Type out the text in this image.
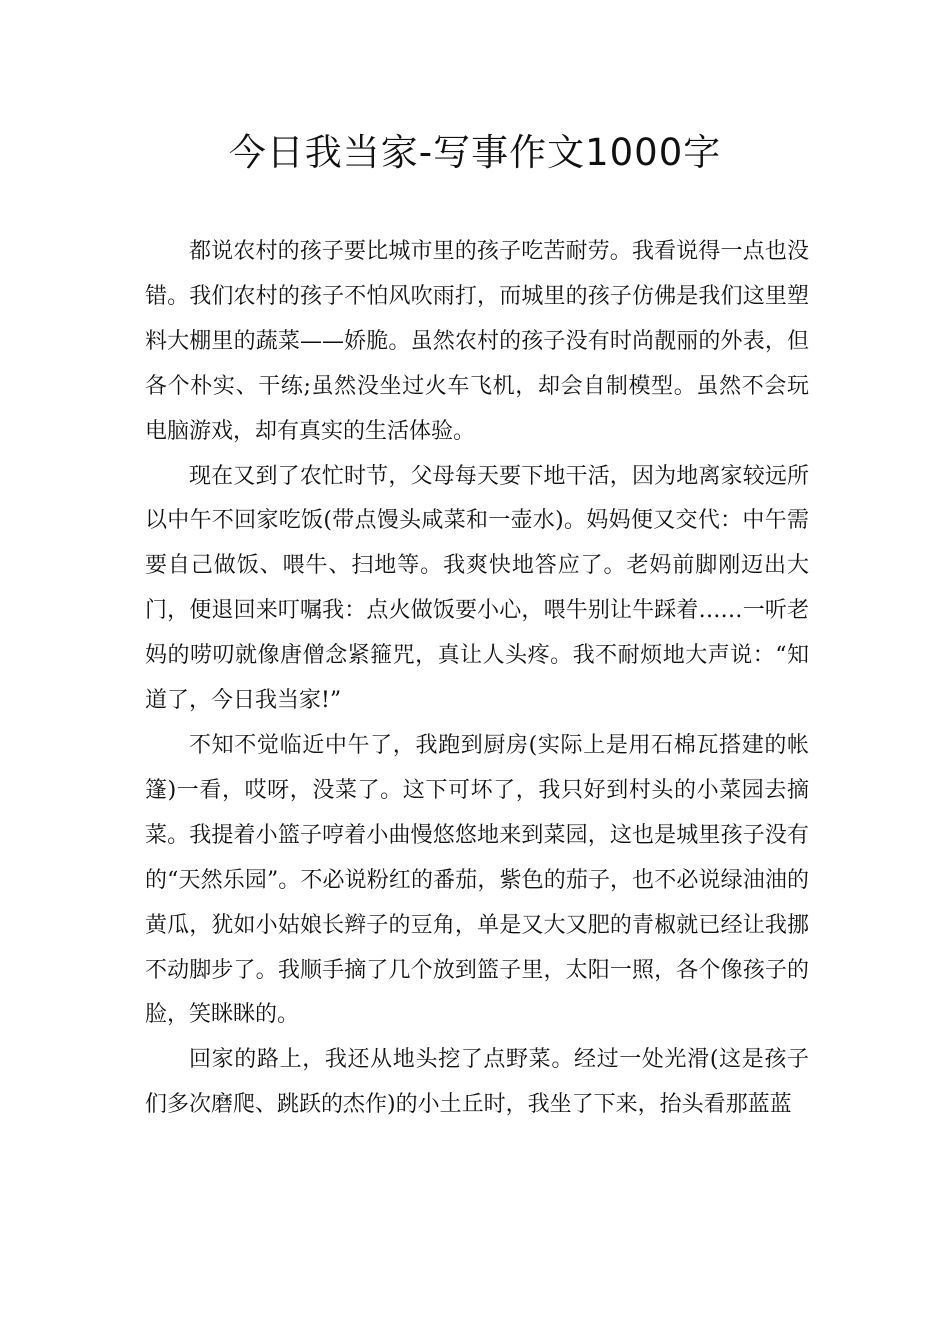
今日我当家-写事作文1000字

都说农村的孩子要比城市里的孩子吃苦耐劳。我看说得一点也没错。我们农村的孩子不怕风吹雨打，而城里的孩子仿佛是我们这里塑料大棚里的蔬菜——娇脆。虽然农村的孩子没有时尚靓丽的外表，但各个朴实、干练;虽然没坐过火车飞机，却会自制模型。虽然不会玩电脑游戏，却有真实的生活体验。

现在又到了农忙时节，父母每天要下地干活，因为地离家较远所以中午不回家吃饭(带点馒头咸菜和一壶水)。妈妈便又交代：中午需要自己做饭、喂牛、扫地等。我爽快地答应了。老妈前脚刚迈出大门，便退回来叮嘱我：点火做饭要小心，喂牛别让牛踩着……一听老妈的唠叨就像唐僧念紧箍咒，真让人头疼。我不耐烦地大声说：“知道了，今日我当家!”

不知不觉临近中午了，我跑到厨房(实际上是用石棉瓦搭建的帐篷)一看，哎呀，没菜了。这下可坏了，我只好到村头的小菜园去摘菜。我提着小篮子哼着小曲慢悠悠地来到菜园，这也是城里孩子没有的“天然乐园”。不必说粉红的番茄，紫色的茄子，也不必说绿油油的黄瓜，犹如小姑娘长辫子的豆角，单是又大又肥的青椒就已经让我挪不动脚步了。我顺手摘了几个放到篮子里，太阳一照，各个像孩子的脸，笑眯眯的。

回家的路上，我还从地头挖了点野菜。经过一处光滑(这是孩子们多次磨爬、跳跃的杰作)的小土丘时，我坐了下来，抬头看那蓝蓝
